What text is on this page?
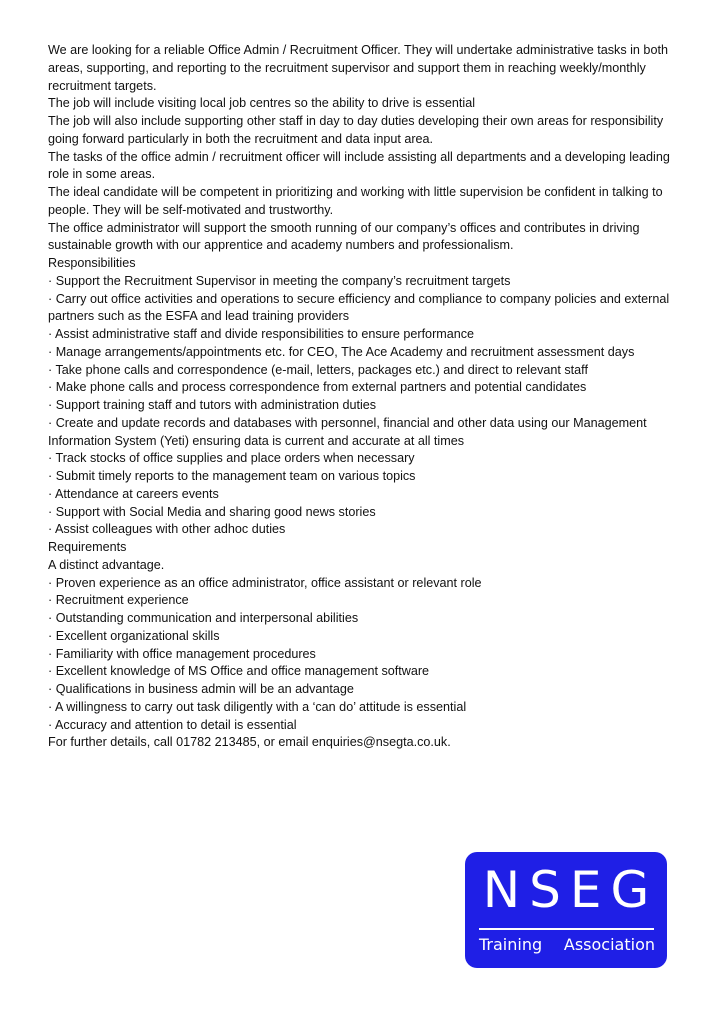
We are looking for a reliable Office Admin / Recruitment Officer. They will undertake administrative tasks in both areas, supporting, and reporting to the recruitment supervisor and support them in reaching weekly/monthly recruitment targets.

The job will include visiting local job centres so the ability to drive is essential

The job will also include supporting other staff in day to day duties developing their own areas for responsibility going forward particularly in both the recruitment and data input area.

The tasks of the office admin / recruitment officer will include assisting all departments and a developing leading role in some areas.

The ideal candidate will be competent in prioritizing and working with little supervision be confident in talking to people. They will be self-motivated and trustworthy.

The office administrator will support the smooth running of our company’s offices and contributes in driving sustainable growth with our apprentice and academy numbers and professionalism.

Responsibilities

· Support the Recruitment Supervisor in meeting the company’s recruitment targets

· Carry out office activities and operations to secure efficiency and compliance to company policies and external partners such as the ESFA and lead training providers

· Assist administrative staff and divide responsibilities to ensure performance

· Manage arrangements/appointments etc. for CEO, The Ace Academy and recruitment assessment days

· Take phone calls and correspondence (e-mail, letters, packages etc.) and direct to relevant staff

· Make phone calls and process correspondence from external partners and potential candidates

· Support training staff and tutors with administration duties

· Create and update records and databases with personnel, financial and other data using our Management Information System (Yeti) ensuring data is current and accurate at all times

· Track stocks of office supplies and place orders when necessary

· Submit timely reports to the management team on various topics

· Attendance at careers events

· Support with Social Media and sharing good news stories

· Assist colleagues with other adhoc duties

Requirements

A distinct advantage.

· Proven experience as an office administrator, office assistant or relevant role

· Recruitment experience

· Outstanding communication and interpersonal abilities

· Excellent organizational skills

· Familiarity with office management procedures

· Excellent knowledge of MS Office and office management software

· Qualifications in business admin will be an advantage

· A willingness to carry out task diligently with a ‘can do’ attitude is essential

· Accuracy and attention to detail is essential

For further details, call 01782 213485, or email enquiries@nsegta.co.uk.

NSEG
Training Association
